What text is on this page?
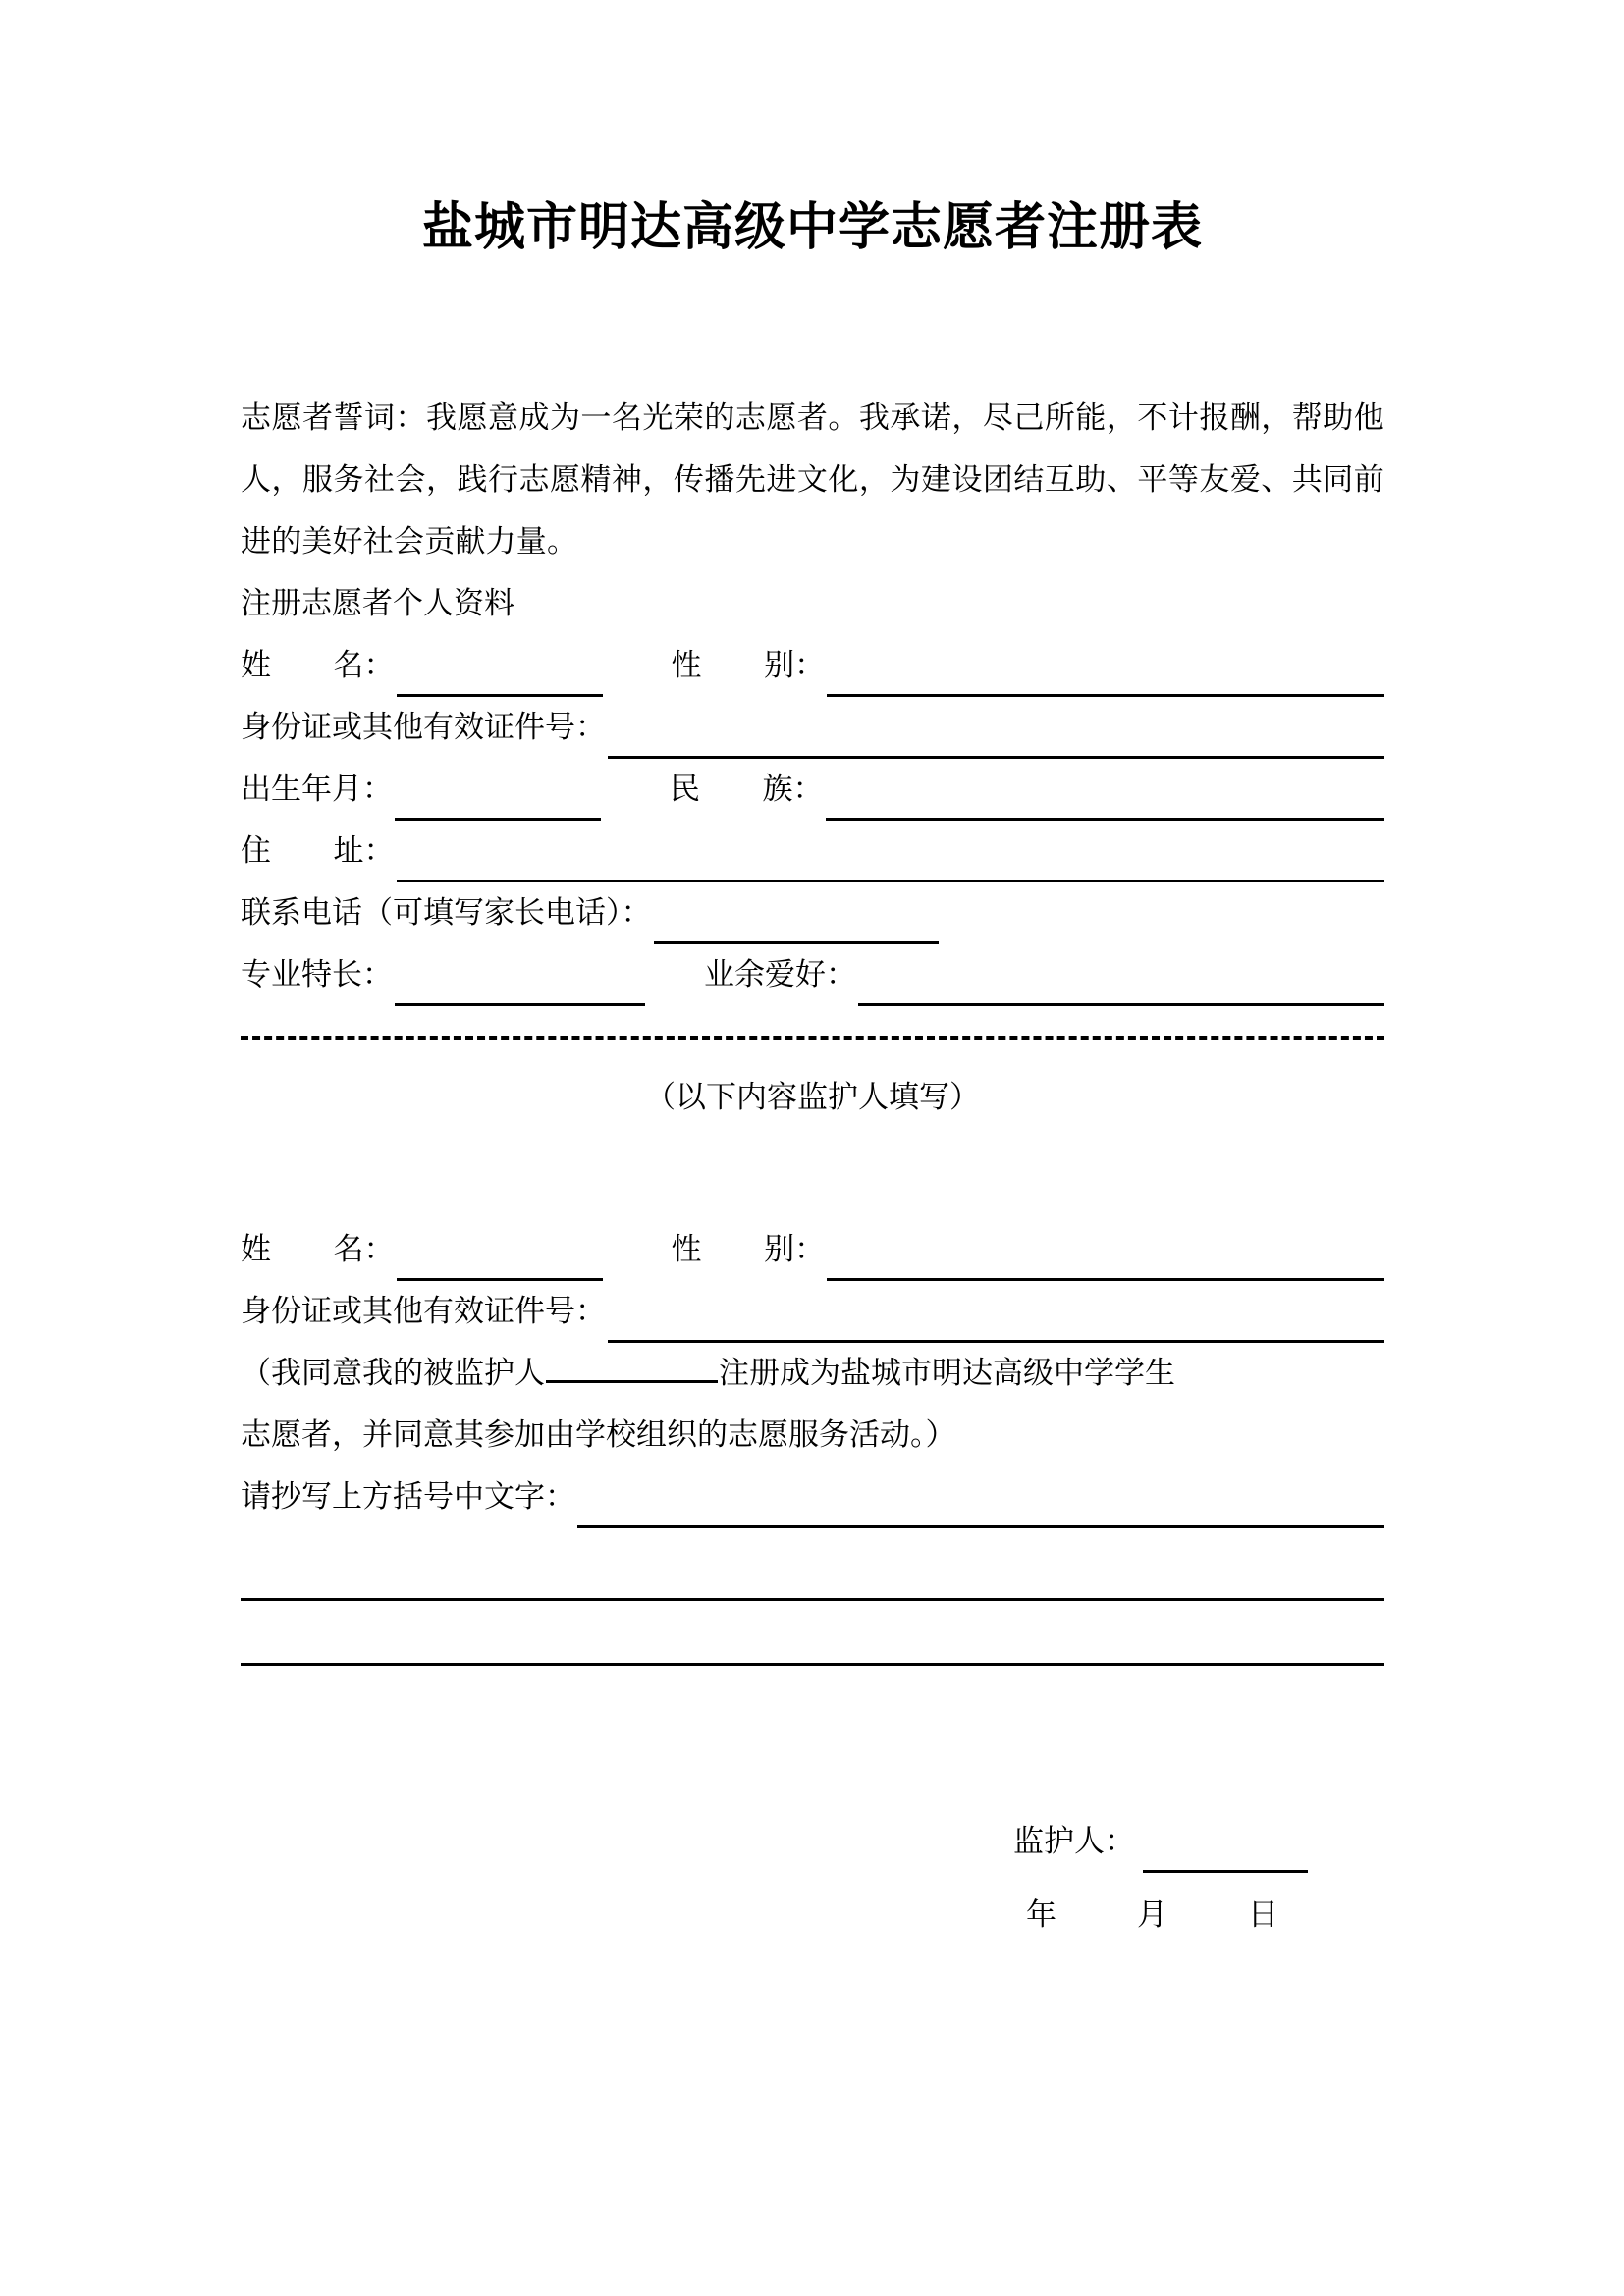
盐城市明达高级中学志愿者注册表
志愿者誓词：我愿意成为一名光荣的志愿者。我承诺，尽己所能，不计报酬，帮助他人，服务社会，践行志愿精神，传播先进文化，为建设团结互助、平等友爱、共同前进的美好社会贡献力量。
注册志愿者个人资料
姓 名：	性 别：
身份证或其他有效证件号：
出生年月：	民 族：
住 址：
联系电话（可填写家长电话）：
专业特长：	业余爱好：
（以下内容监护人填写）
姓 名：	性 别：
身份证或其他有效证件号：
（我同意我的被监护人	注册成为盐城市明达高级中学学生
志愿者，并同意其参加由学校组织的志愿服务活动。）
请抄写上方括号中文字：
监护人：
年	月	日
